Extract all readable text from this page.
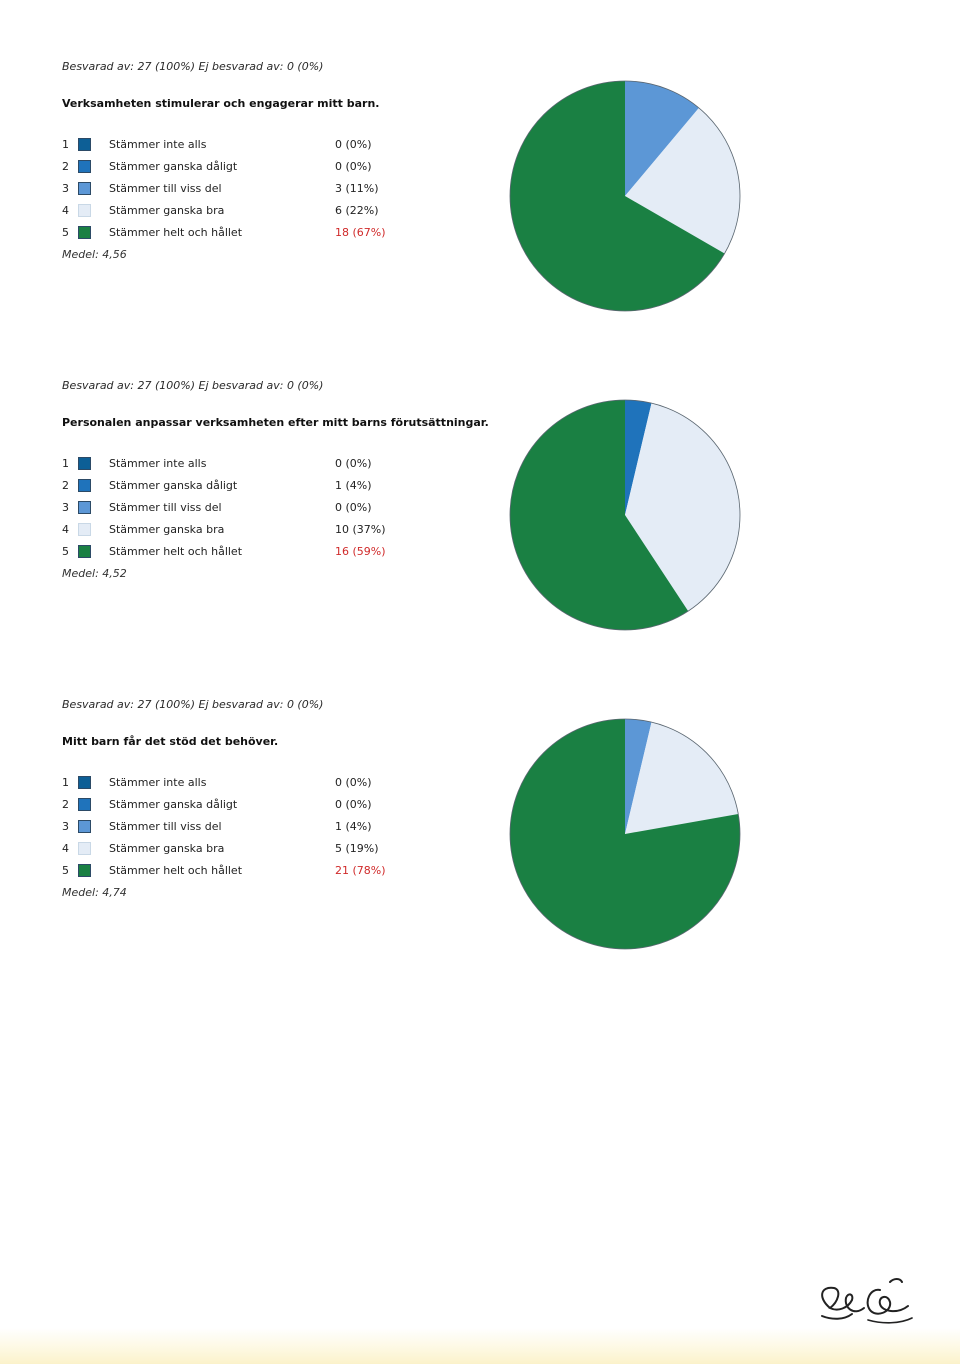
Besvarad av: 27 (100%) Ej besvarad av: 0 (0%)
Verksamheten stimulerar och engagerar mitt barn.
1	Stämmer inte alls	0 (0%)
2	Stämmer ganska dåligt	0 (0%)
3	Stämmer till viss del	3 (11%)
4	Stämmer ganska bra	6 (22%)
5	Stämmer helt och hållet	18 (67%)
Medel: 4,56
Besvarad av: 27 (100%) Ej besvarad av: 0 (0%)
Personalen anpassar verksamheten efter mitt barns förutsättningar.
1	Stämmer inte alls	0 (0%)
2	Stämmer ganska dåligt	1 (4%)
3	Stämmer till viss del	0 (0%)
4	Stämmer ganska bra	10 (37%)
5	Stämmer helt och hållet	16 (59%)
Medel: 4,52
Besvarad av: 27 (100%) Ej besvarad av: 0 (0%)
Mitt barn får det stöd det behöver.
1	Stämmer inte alls	0 (0%)
2	Stämmer ganska dåligt	0 (0%)
3	Stämmer till viss del	1 (4%)
4	Stämmer ganska bra	5 (19%)
5	Stämmer helt och hållet	21 (78%)
Medel: 4,74
